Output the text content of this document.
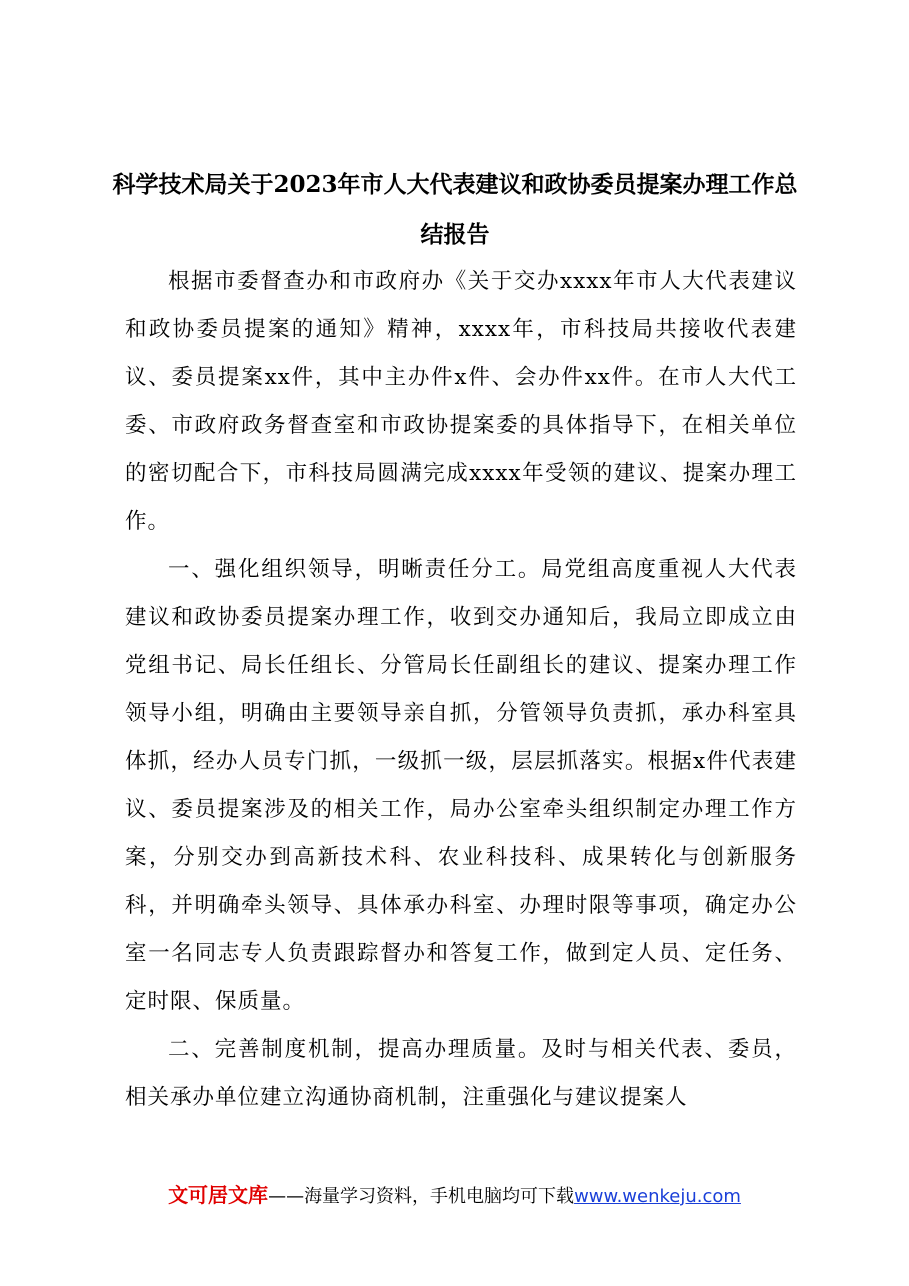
科学技术局关于2023年市人大代表建议和政协委员提案办理工作总结报告

根据市委督查办和市政府办《关于交办xxxx年市人大代表建议和政协委员提案的通知》精神，xxxx年，市科技局共接收代表建议、委员提案xx件，其中主办件x件、会办件xx件。在市人大代工委、市政府政务督查室和市政协提案委的具体指导下，在相关单位的密切配合下，市科技局圆满完成xxxx年受领的建议、提案办理工作。

一、强化组织领导，明晰责任分工。局党组高度重视人大代表建议和政协委员提案办理工作，收到交办通知后，我局立即成立由党组书记、局长任组长、分管局长任副组长的建议、提案办理工作领导小组，明确由主要领导亲自抓，分管领导负责抓，承办科室具体抓，经办人员专门抓，一级抓一级，层层抓落实。根据x件代表建议、委员提案涉及的相关工作，局办公室牵头组织制定办理工作方案，分别交办到高新技术科、农业科技科、成果转化与创新服务科，并明确牵头领导、具体承办科室、办理时限等事项，确定办公室一名同志专人负责跟踪督办和答复工作，做到定人员、定任务、定时限、保质量。

二、完善制度机制，提高办理质量。及时与相关代表、委员，相关承办单位建立沟通协商机制，注重强化与建议提案人

文可居文库——海量学习资料，手机电脑均可下载www.wenkeju.com
